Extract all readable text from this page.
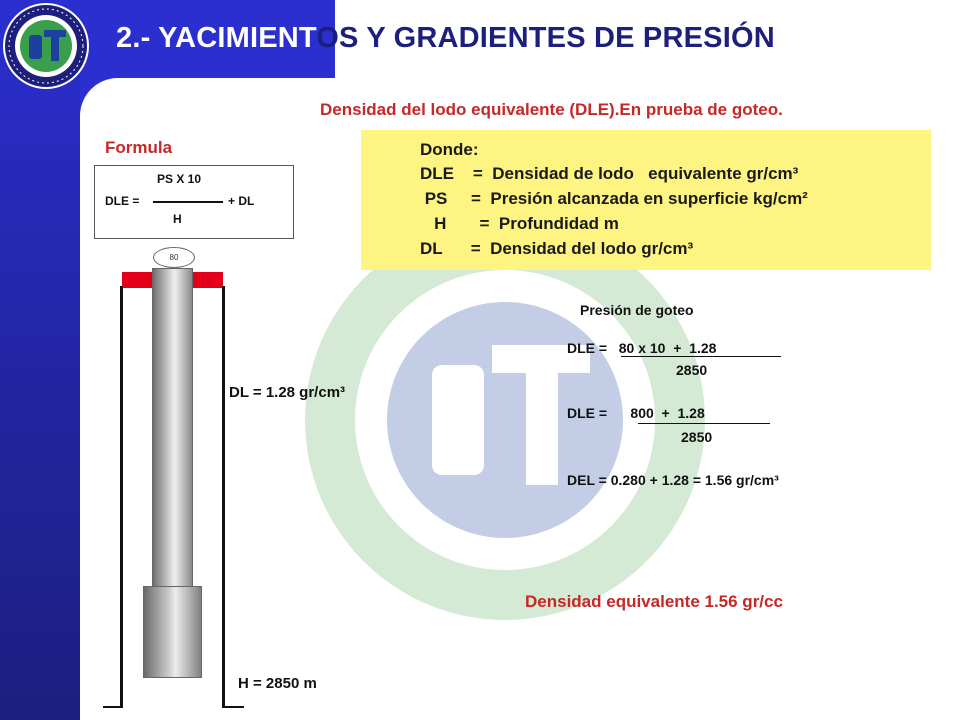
2.- YACIMIENTOS Y GRADIENTES DE PRESIÓN
Densidad del lodo equivalente (DLE).En prueba de goteo.
Formula
PS X 10
DLE =	+ DL
H
Donde:
DLE    =  Densidad de lodo   equivalente gr/cm³
PS     =  Presión alcanzada en superficie kg/cm²
H       =  Profundidad m
DL      =  Densidad del lodo gr/cm³
80
DL = 1.28 gr/cm³
H = 2850 m
Presión de goteo
DLE =   80 x 10  +  1.28
2850
DLE =      800  +  1.28
2850
DEL = 0.280 + 1.28 = 1.56 gr/cm³
Densidad equivalente 1.56 gr/cc
